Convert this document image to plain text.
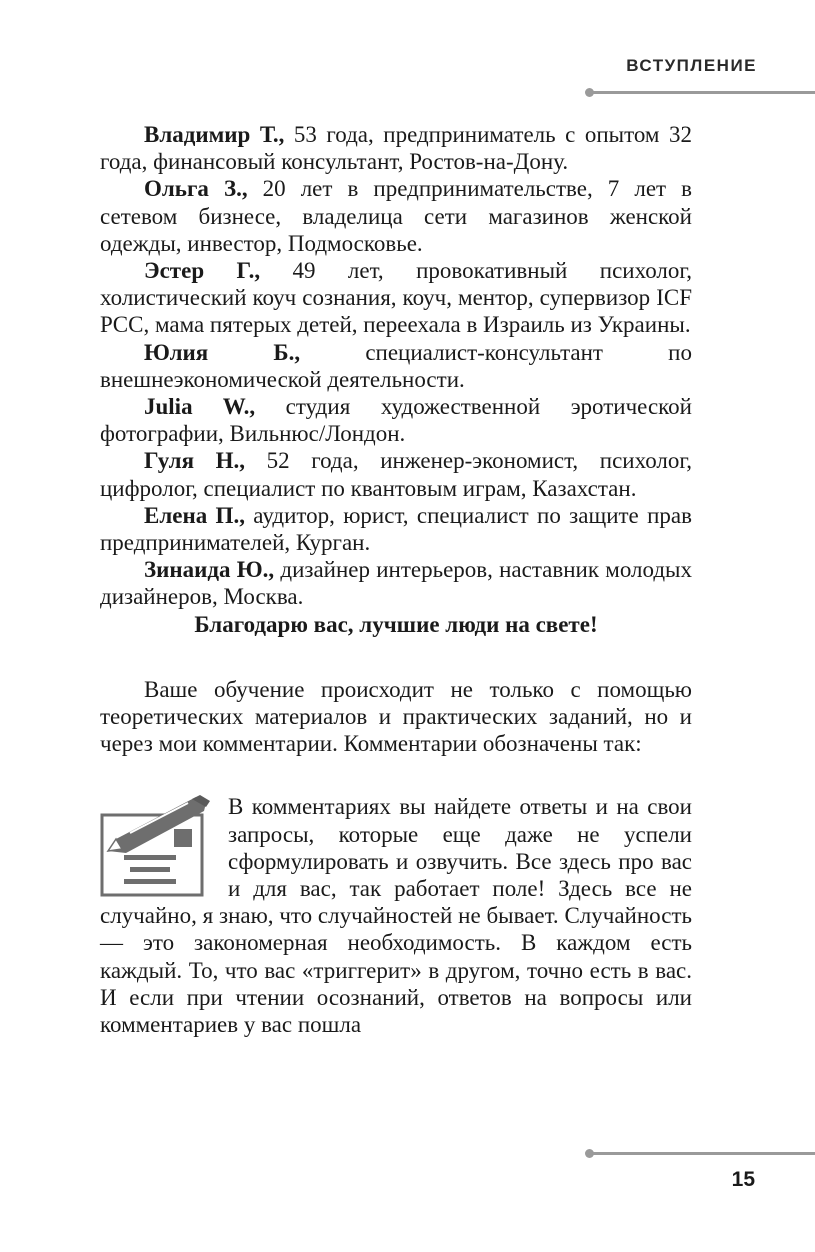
ВСТУПЛЕНИЕ

Владимир Т., 53 года, предприниматель с опытом 32 года, финансовый консультант, Ростов-на-Дону.

Ольга З., 20 лет в предпринимательстве, 7 лет в сетевом бизнесе, владелица сети магазинов женской одежды, инвестор, Подмосковье.

Эстер Г., 49 лет, провокативный психолог, холистический коуч сознания, коуч, ментор, супервизор ICF PCC, мама пятерых детей, переехала в Израиль из Украины.

Юлия Б., специалист-консультант по внешнеэкономической деятельности.

Julia W., студия художественной эротической фотографии, Вильнюс/Лондон.

Гуля Н., 52 года, инженер-экономист, психолог, цифролог, специалист по квантовым играм, Казахстан.

Елена П., аудитор, юрист, специалист по защите прав предпринимателей, Курган.

Зинаида Ю., дизайнер интерьеров, наставник молодых дизайнеров, Москва.

Благодарю вас, лучшие люди на свете!

Ваше обучение происходит не только с помощью теоретических материалов и практических заданий, но и через мои комментарии. Комментарии обозначены так:

В комментариях вы найдете ответы и на свои запросы, которые еще даже не успели сформулировать и озвучить. Все здесь про вас и для вас, так работает поле! Здесь все не случайно, я знаю, что случайностей не бывает. Случайность — это закономерная необходимость. В каждом есть каждый. То, что вас «триггерит» в другом, точно есть в вас. И если при чтении осознаний, ответов на вопросы или комментариев у вас пошла
15
